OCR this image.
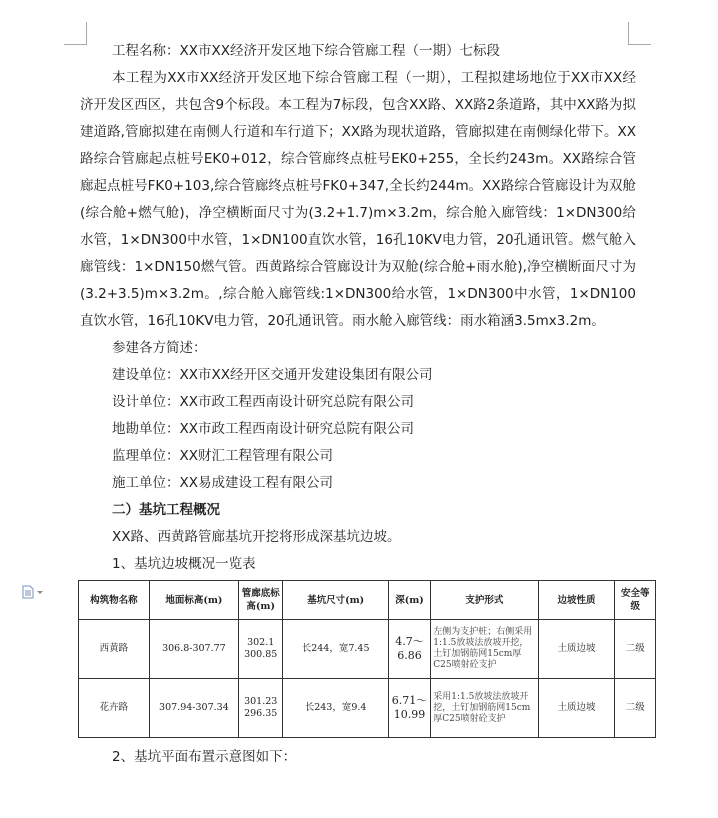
工程名称：XX市XX经济开发区地下综合管廊工程（一期）七标段

本工程为XX市XX经济开发区地下综合管廊工程（一期），工程拟建场地位于XX市XX经济开发区西区，共包含9个标段。本工程为7标段，包含XX路、XX路2条道路，其中XX路为拟建道路,管廊拟建在南侧人行道和车行道下；XX路为现状道路，管廊拟建在南侧绿化带下。XX路综合管廊起点桩号EK0+012，综合管廊终点桩号EK0+255，全长约243m。XX路综合管廊起点桩号FK0+103,综合管廊终点桩号FK0+347,全长约244m。XX路综合管廊设计为双舱(综合舱+燃气舱)，净空横断面尺寸为(3.2+1.7)m×3.2m，综合舱入廊管线：1×DN300给水管，1×DN300中水管，1×DN100直饮水管，16孔10KV电力管，20孔通讯管。燃气舱入廊管线：1×DN150燃气管。西黄路综合管廊设计为双舱(综合舱+雨水舱),净空横断面尺寸为(3.2+3.5)m×3.2m。,综合舱入廊管线:1×DN300给水管，1×DN300中水管，1×DN100直饮水管，16孔10KV电力管，20孔通讯管。雨水舱入廊管线：雨水箱涵3.5mx3.2m。

参建各方简述：

建设单位：XX市XX经开区交通开发建设集团有限公司

设计单位：XX市政工程西南设计研究总院有限公司

地勘单位：XX市政工程西南设计研究总院有限公司

监理单位：XX财汇工程管理有限公司

施工单位：XX易成建设工程有限公司

二）基坑工程概况

XX路、西黄路管廊基坑开挖将形成深基坑边坡。

1、基坑边坡概况一览表

构筑物名称	地面标高(m)	管廊底标高(m)	基坑尺寸(m)	深(m)	支护形式	边坡性质	安全等级
西黄路	306.8-307.77	302.1 300.85	长244，宽7.45	4.7～6.86	左侧为支护桩；右侧采用1:1.5放坡法放坡开挖，土钉加钢筋网15cm厚C25喷射砼支护	土质边坡	二级
花卉路	307.94-307.34	301.23 296.35	长243，宽9.4	6.71～10.99	采用1:1.5放坡法放坡开挖，土钉加钢筋网15cm厚C25喷射砼支护	土质边坡	二级

2、基坑平面布置示意图如下：
